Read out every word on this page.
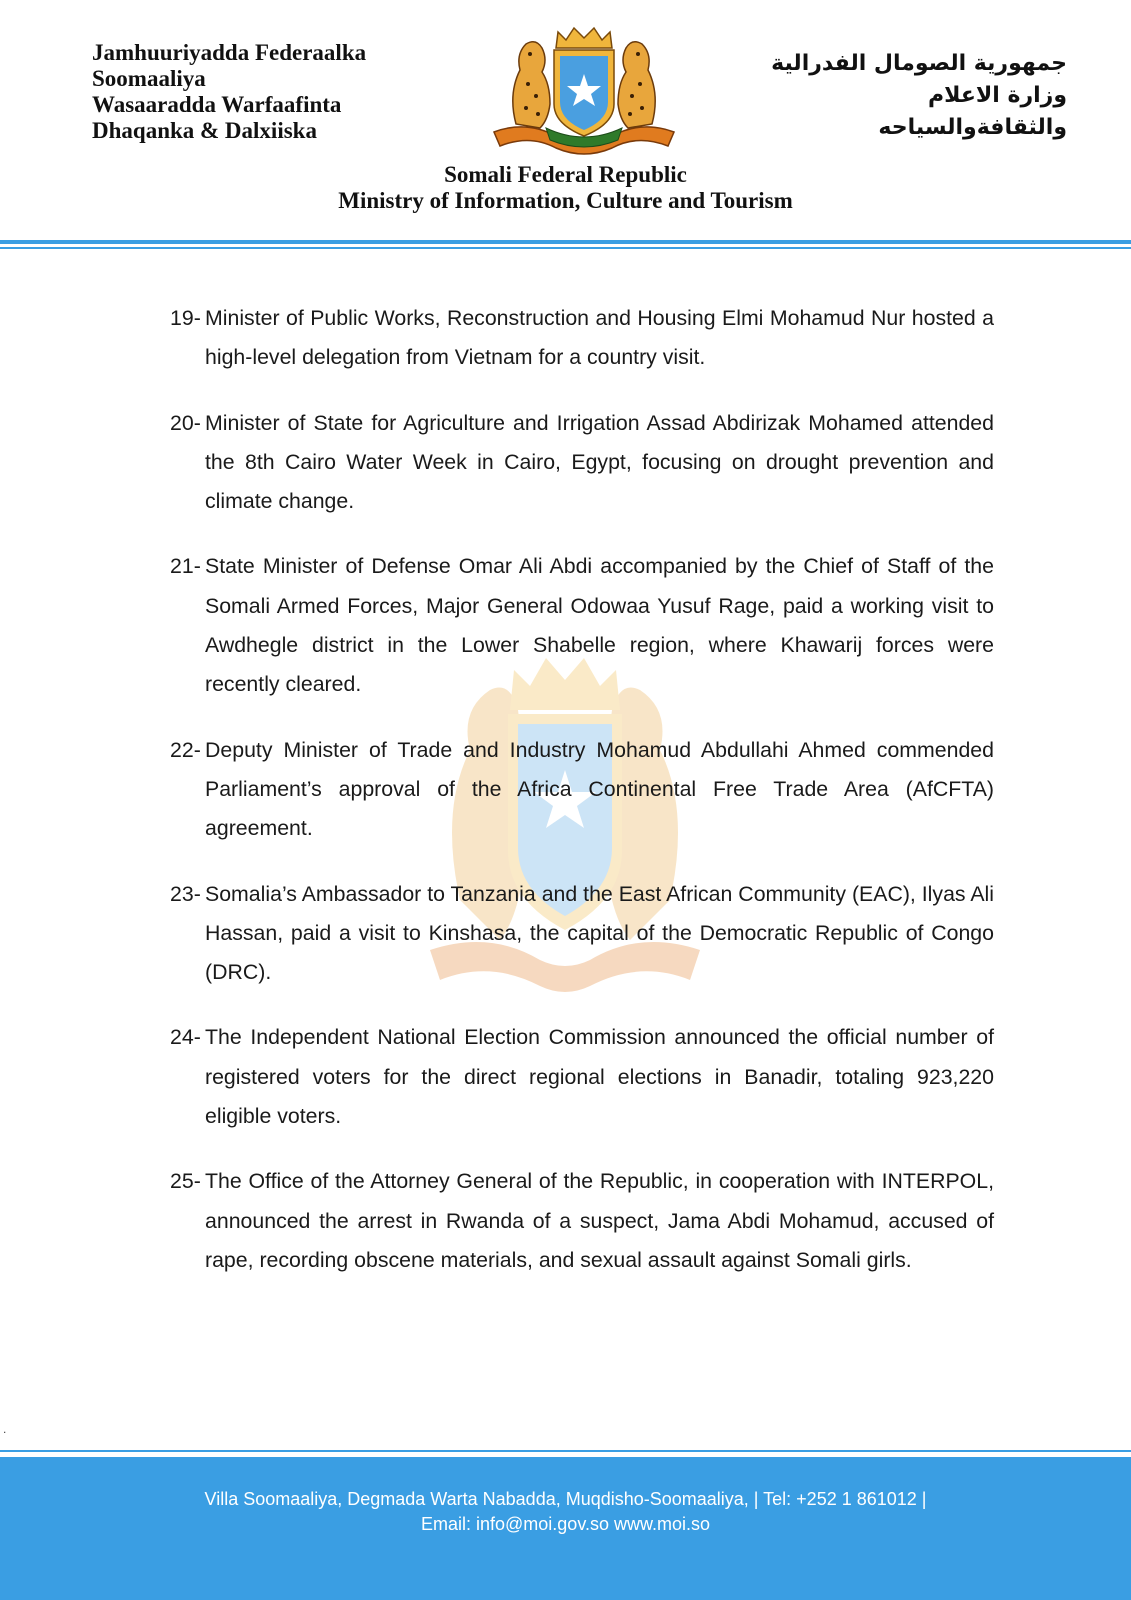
Jamhuuriyadda Federaalka
Soomaaliya
Wasaaradda Warfaafinta
Dhaqanka & Dalxiiska
جمهورية الصومال الفدرالية
وزارة الاعلام
والثقافةوالسياحه
Somali Federal Republic
Ministry of Information, Culture and Tourism
19- Minister of Public Works, Reconstruction and Housing Elmi Mohamud Nur hosted a high-level delegation from Vietnam for a country visit.
20- Minister of State for Agriculture and Irrigation Assad Abdirizak Mohamed attended the 8th Cairo Water Week in Cairo, Egypt, focusing on drought prevention and climate change.
21- State Minister of Defense Omar Ali Abdi accompanied by the Chief of Staff of the Somali Armed Forces, Major General Odowaa Yusuf Rage, paid a working visit to Awdhegle district in the Lower Shabelle region, where Khawarij forces were recently cleared.
22- Deputy Minister of Trade and Industry Mohamud Abdullahi Ahmed commended Parliament’s approval of the Africa Continental Free Trade Area (AfCFTA) agreement.
23- Somalia’s Ambassador to Tanzania and the East African Community (EAC), Ilyas Ali Hassan, paid a visit to Kinshasa, the capital of the Democratic Republic of Congo (DRC).
24- The Independent National Election Commission announced the official number of registered voters for the direct regional elections in Banadir, totaling 923,220 eligible voters.
25- The Office of the Attorney General of the Republic, in cooperation with INTERPOL, announced the arrest in Rwanda of a suspect, Jama Abdi Mohamud, accused of rape, recording obscene materials, and sexual assault against Somali girls.
.
Villa Soomaaliya, Degmada Warta Nabadda, Muqdisho-Soomaaliya, | Tel: +252 1 861012 |
Email: info@moi.gov.so www.moi.so
